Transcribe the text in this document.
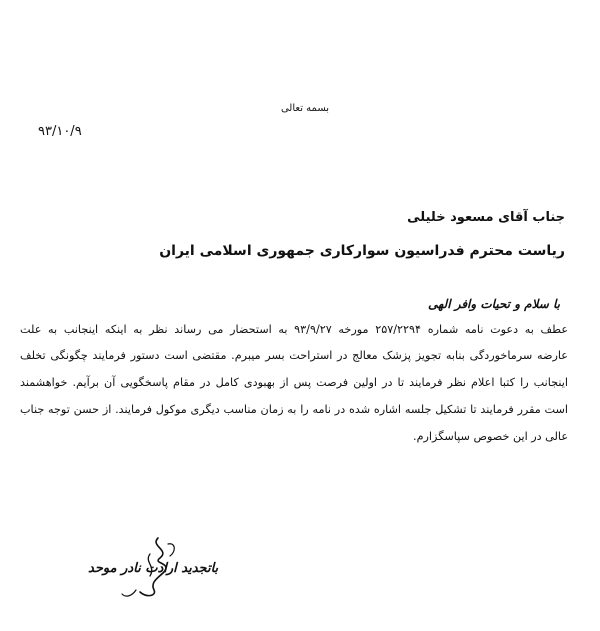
بسمه تعالی
۹۳/۱۰/۹
جناب آقای مسعود خلیلی
ریاست محترم فدراسیون سوارکاری جمهوری اسلامی ایران
با سلام و تحیات وافر الهی
عطف به دعوت نامه شماره ۲۵۷/۲۲۹۴ مورخه ۹۳/۹/۲۷ به استحضار می رساند نظر به اینکه اینجانب به علت
عارضه سرماخوردگی بنابه تجویز پزشک معالج در استراحت بسر میبرم. مقتضی است دستور فرمایند چگونگی تخلف
اینجانب را کتبا اعلام نظر فرمایند تا در اولین فرصت پس از بهبودی کامل در مقام پاسخگویی آن برآیم. خواهشمند
است مقرر فرمایند تا تشکیل جلسه اشاره شده در نامه را به زمان مناسب دیگری موکول فرمایند. از حسن توجه جناب
عالی در این خصوص سپاسگزارم.
باتجدید ارادت نادر موحد
